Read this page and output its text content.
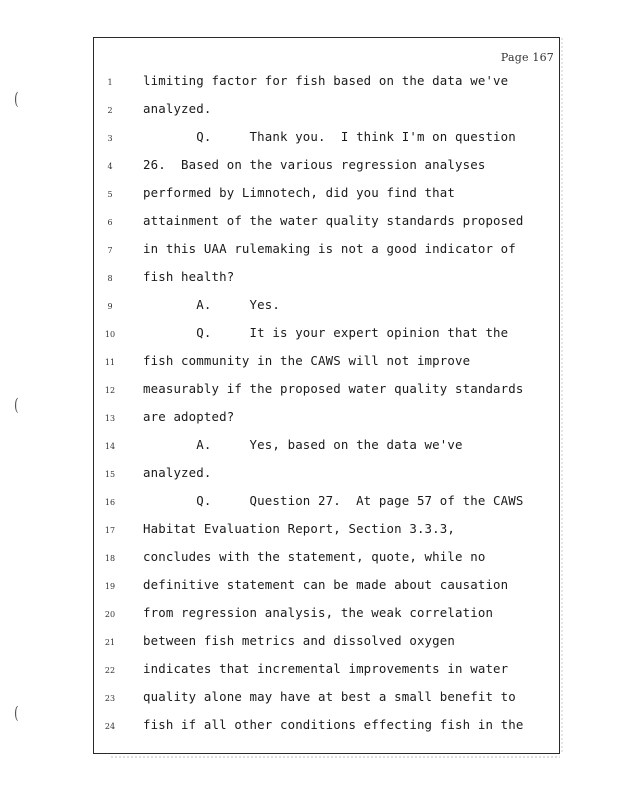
Page 167
(
(
(
1	limiting factor for fish based on the data we've
2	analyzed.
3	Q.     Thank you.  I think I'm on question
4	26.  Based on the various regression analyses
5	performed by Limnotech, did you find that
6	attainment of the water quality standards proposed
7	in this UAA rulemaking is not a good indicator of
8	fish health?
9	A.     Yes.
10	Q.     It is your expert opinion that the
11	fish community in the CAWS will not improve
12	measurably if the proposed water quality standards
13	are adopted?
14	A.     Yes, based on the data we've
15	analyzed.
16	Q.     Question 27.  At page 57 of the CAWS
17	Habitat Evaluation Report, Section 3.3.3,
18	concludes with the statement, quote, while no
19	definitive statement can be made about causation
20	from regression analysis, the weak correlation
21	between fish metrics and dissolved oxygen
22	indicates that incremental improvements in water
23	quality alone may have at best a small benefit to
24	fish if all other conditions effecting fish in the
